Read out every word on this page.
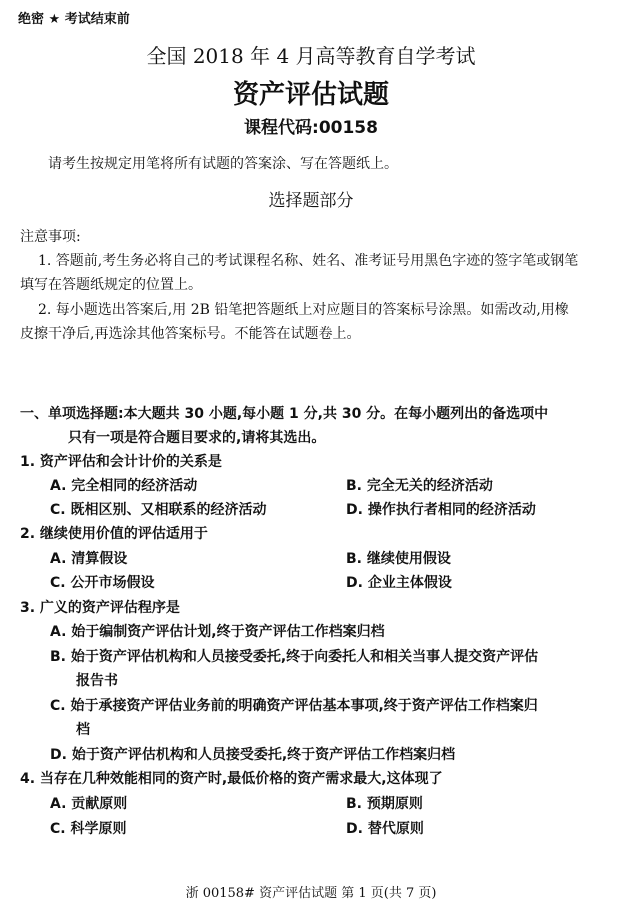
绝密 ★ 考试结束前
全国 2018 年 4 月高等教育自学考试
资产评估试题
课程代码:00158
请考生按规定用笔将所有试题的答案涂、写在答题纸上。
选择题部分
注意事项:
1. 答题前,考生务必将自己的考试课程名称、姓名、准考证号用黑色字迹的签字笔或钢笔
填写在答题纸规定的位置上。
2. 每小题选出答案后,用 2B 铅笔把答题纸上对应题目的答案标号涂黑。如需改动,用橡
皮擦干净后,再选涂其他答案标号。不能答在试题卷上。
一、单项选择题:本大题共 30 小题,每小题 1 分,共 30 分。在每小题列出的备选项中
只有一项是符合题目要求的,请将其选出。
1. 资产评估和会计计价的关系是
A. 完全相同的经济活动	B. 完全无关的经济活动
C. 既相区别、又相联系的经济活动	D. 操作执行者相同的经济活动
2. 继续使用价值的评估适用于
A. 清算假设	B. 继续使用假设
C. 公开市场假设	D. 企业主体假设
3. 广义的资产评估程序是
A. 始于编制资产评估计划,终于资产评估工作档案归档
B. 始于资产评估机构和人员接受委托,终于向委托人和相关当事人提交资产评估
报告书
C. 始于承接资产评估业务前的明确资产评估基本事项,终于资产评估工作档案归
档
D. 始于资产评估机构和人员接受委托,终于资产评估工作档案归档
4. 当存在几种效能相同的资产时,最低价格的资产需求最大,这体现了
A. 贡献原则	B. 预期原则
C. 科学原则	D. 替代原则
浙 00158# 资产评估试题 第 1 页(共 7 页)
